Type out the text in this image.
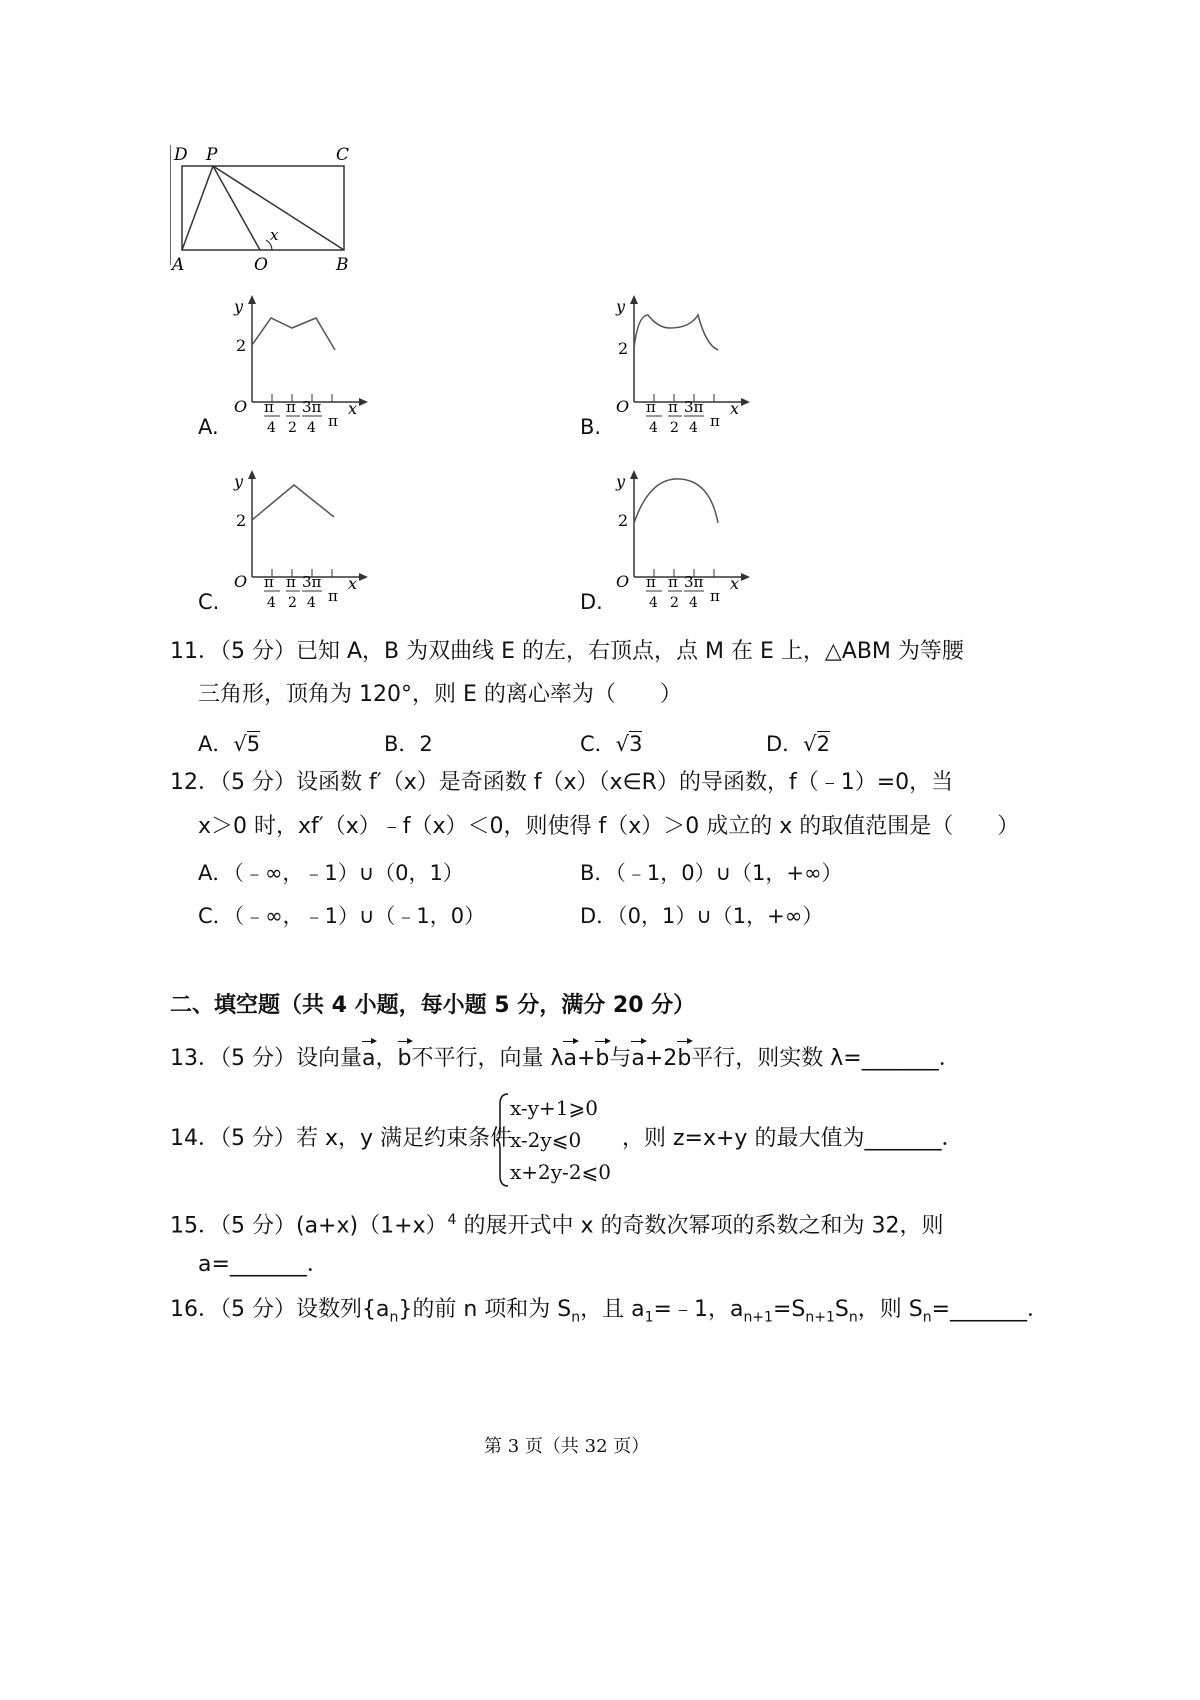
D P	C
A	O	B
x
A.	B.
C.	D.
y
2
O	x
π
4
π
2
3π
4 π
y
2
O	x
π
4
π
2
3π
4 π
y
2
O	x
π
4
π
2
3π
4 π
y
2
O	x
π
4
π
2
3π
4 π
11．（5 分）已知 A，B 为双曲线 E 的左，右顶点，点 M 在 E 上，△ABM 为等腰
三角形，顶角为 120°，则 E 的离心率为（　　）
A．√5	B．2	C．√3	D．√2
12．（5 分）设函数 f′（x）是奇函数 f（x）（x∈R）的导函数，f（﹣1）=0，当
x＞0 时，xf′（x）﹣f（x）＜0，则使得 f（x）＞0 成立的 x 的取值范围是（　　）
A．（﹣∞，﹣1）∪（0，1）	B．（﹣1，0）∪（1，+∞）
C．（﹣∞，﹣1）∪（﹣1，0）	D．（0，1）∪（1，+∞）
二、填空题（共 4 小题，每小题 5 分，满分 20 分）
13．（5 分）设向量a，b不平行，向量 λa+b与a+2b平行，则实数 λ=_______．
14．（5 分）若 x，y 满足约束条件
x-y+1⩾0
x-2y⩽0
x+2y-2⩽0
，则 z=x+y 的最大值为_______．
15．（5 分）$(a+x)(1+x)^4$ 的展开式中 x 的奇数次幂项的系数之和为 32，则
a=_______．
16．（5 分）设数列$\{a_n\}$的前 n 项和为 $S_n$，且 $a_1=﹣1$，$a_{n+1}=S_{n+1}S_n$，则 $S_n=\_\_\_\_\_\_\_$．
第 3 页（共 32 页）
